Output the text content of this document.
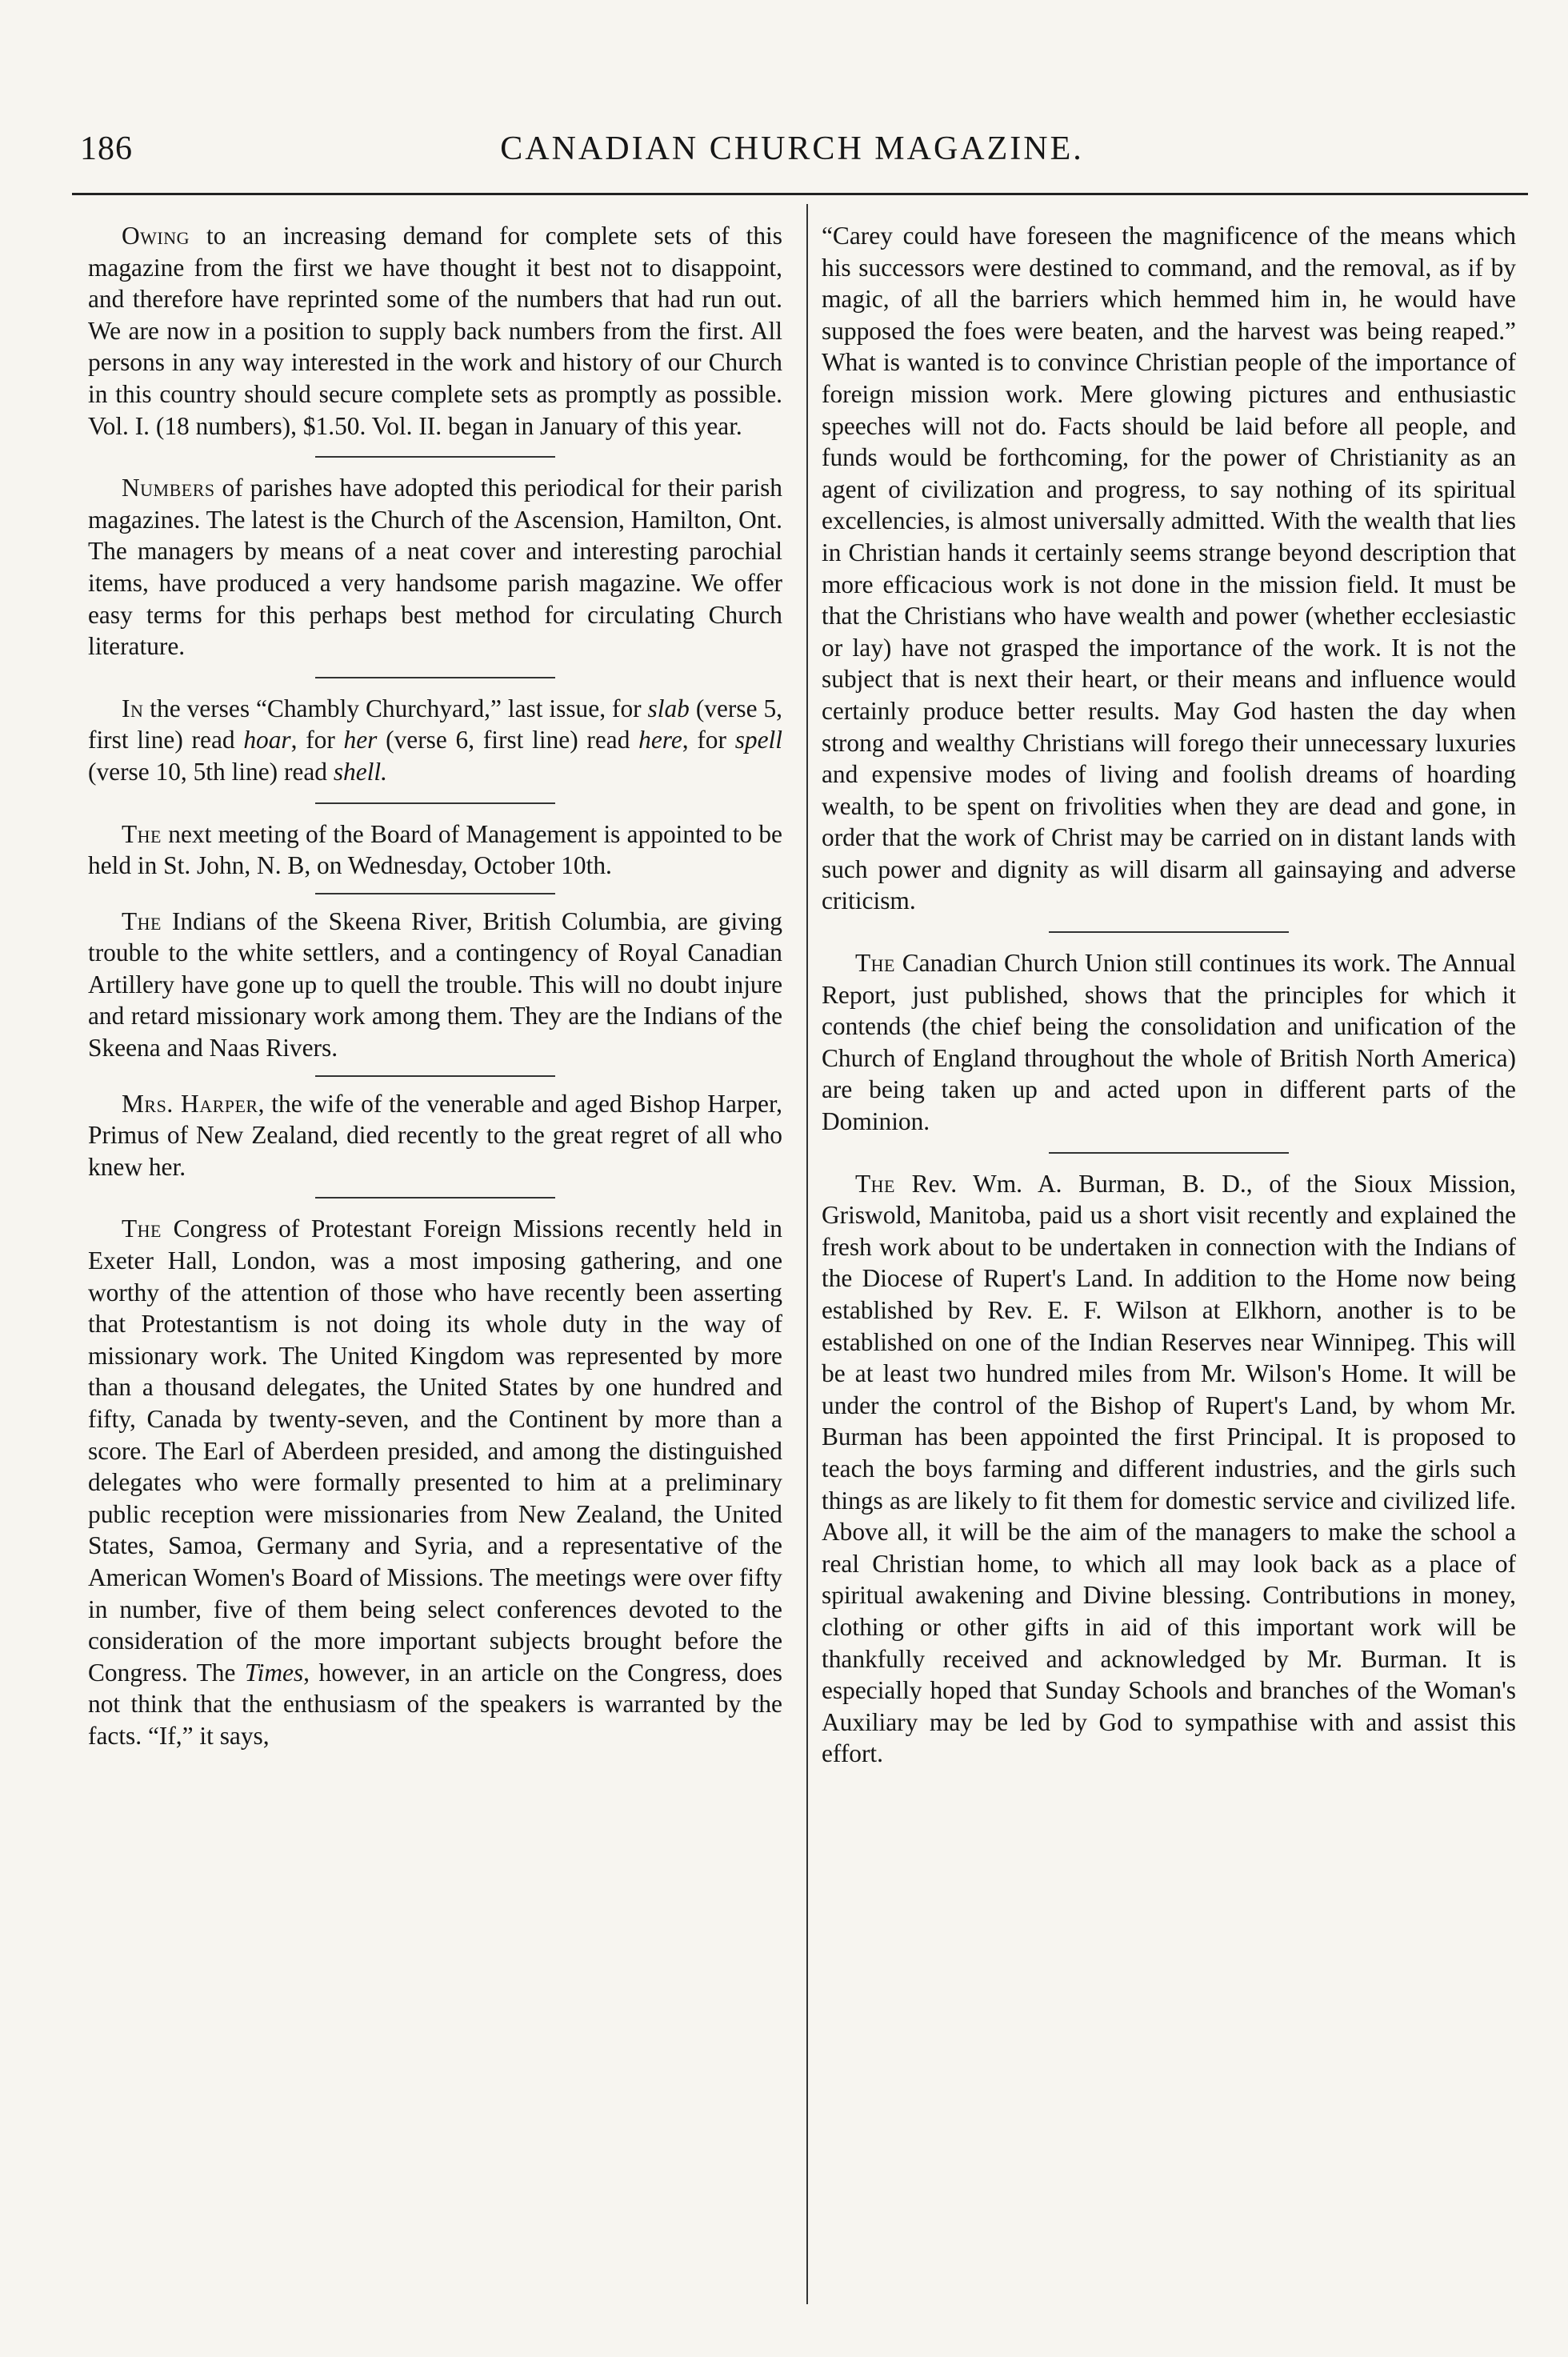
186	CANADIAN CHURCH MAGAZINE.

Owing to an increasing demand for complete sets of this magazine from the first we have thought it best not to disappoint, and therefore have reprinted some of the numbers that had run out. We are now in a position to supply back numbers from the first. All persons in any way interested in the work and history of our Church in this country should secure complete sets as promptly as possible. Vol. I. (18 numbers), $1.50. Vol. II. began in January of this year.

Numbers of parishes have adopted this periodical for their parish magazines. The latest is the Church of the Ascension, Hamilton, Ont. The managers by means of a neat cover and interesting parochial items, have produced a very handsome parish magazine. We offer easy terms for this perhaps best method for circulating Church literature.

In the verses “Chambly Churchyard,” last issue, for slab (verse 5, first line) read hoar, for her (verse 6, first line) read here, for spell (verse 10, 5th line) read shell.

The next meeting of the Board of Management is appointed to be held in St. John, N. B, on Wednesday, October 10th.

The Indians of the Skeena River, British Columbia, are giving trouble to the white settlers, and a contingency of Royal Canadian Artillery have gone up to quell the trouble. This will no doubt injure and retard missionary work among them. They are the Indians of the Skeena and Naas Rivers.

Mrs. Harper, the wife of the venerable and aged Bishop Harper, Primus of New Zealand, died recently to the great regret of all who knew her.

The Congress of Protestant Foreign Missions recently held in Exeter Hall, London, was a most imposing gathering, and one worthy of the attention of those who have recently been asserting that Protestantism is not doing its whole duty in the way of missionary work. The United Kingdom was represented by more than a thousand delegates, the United States by one hundred and fifty, Canada by twenty-seven, and the Continent by more than a score. The Earl of Aberdeen presided, and among the distinguished delegates who were formally presented to him at a preliminary public reception were missionaries from New Zealand, the United States, Samoa, Germany and Syria, and a representative of the American Women's Board of Missions. The meetings were over fifty in number, five of them being select conferences devoted to the consideration of the more important subjects brought before the Congress. The Times, however, in an article on the Congress, does not think that the enthusiasm of the speakers is warranted by the facts. “If,” it says,

“Carey could have foreseen the magnificence of the means which his successors were destined to command, and the removal, as if by magic, of all the barriers which hemmed him in, he would have supposed the foes were beaten, and the harvest was being reaped.” What is wanted is to convince Christian people of the importance of foreign mission work. Mere glowing pictures and enthusiastic speeches will not do. Facts should be laid before all people, and funds would be forthcoming, for the power of Christianity as an agent of civilization and progress, to say nothing of its spiritual excellencies, is almost universally admitted. With the wealth that lies in Christian hands it certainly seems strange beyond description that more efficacious work is not done in the mission field. It must be that the Christians who have wealth and power (whether ecclesiastic or lay) have not grasped the importance of the work. It is not the subject that is next their heart, or their means and influence would certainly produce better results. May God hasten the day when strong and wealthy Christians will forego their unnecessary luxuries and expensive modes of living and foolish dreams of hoarding wealth, to be spent on frivolities when they are dead and gone, in order that the work of Christ may be carried on in distant lands with such power and dignity as will disarm all gainsaying and adverse criticism.

The Canadian Church Union still continues its work. The Annual Report, just published, shows that the principles for which it contends (the chief being the consolidation and unification of the Church of England throughout the whole of British North America) are being taken up and acted upon in different parts of the Dominion.

The Rev. Wm. A. Burman, B. D., of the Sioux Mission, Griswold, Manitoba, paid us a short visit recently and explained the fresh work about to be undertaken in connection with the Indians of the Diocese of Rupert's Land. In addition to the Home now being established by Rev. E. F. Wilson at Elkhorn, another is to be established on one of the Indian Reserves near Winnipeg. This will be at least two hundred miles from Mr. Wilson's Home. It will be under the control of the Bishop of Rupert's Land, by whom Mr. Burman has been appointed the first Principal. It is proposed to teach the boys farming and different industries, and the girls such things as are likely to fit them for domestic service and civilized life. Above all, it will be the aim of the managers to make the school a real Christian home, to which all may look back as a place of spiritual awakening and Divine blessing. Contributions in money, clothing or other gifts in aid of this important work will be thankfully received and acknowledged by Mr. Burman. It is especially hoped that Sunday Schools and branches of the Woman's Auxiliary may be led by God to sympathise with and assist this effort.
